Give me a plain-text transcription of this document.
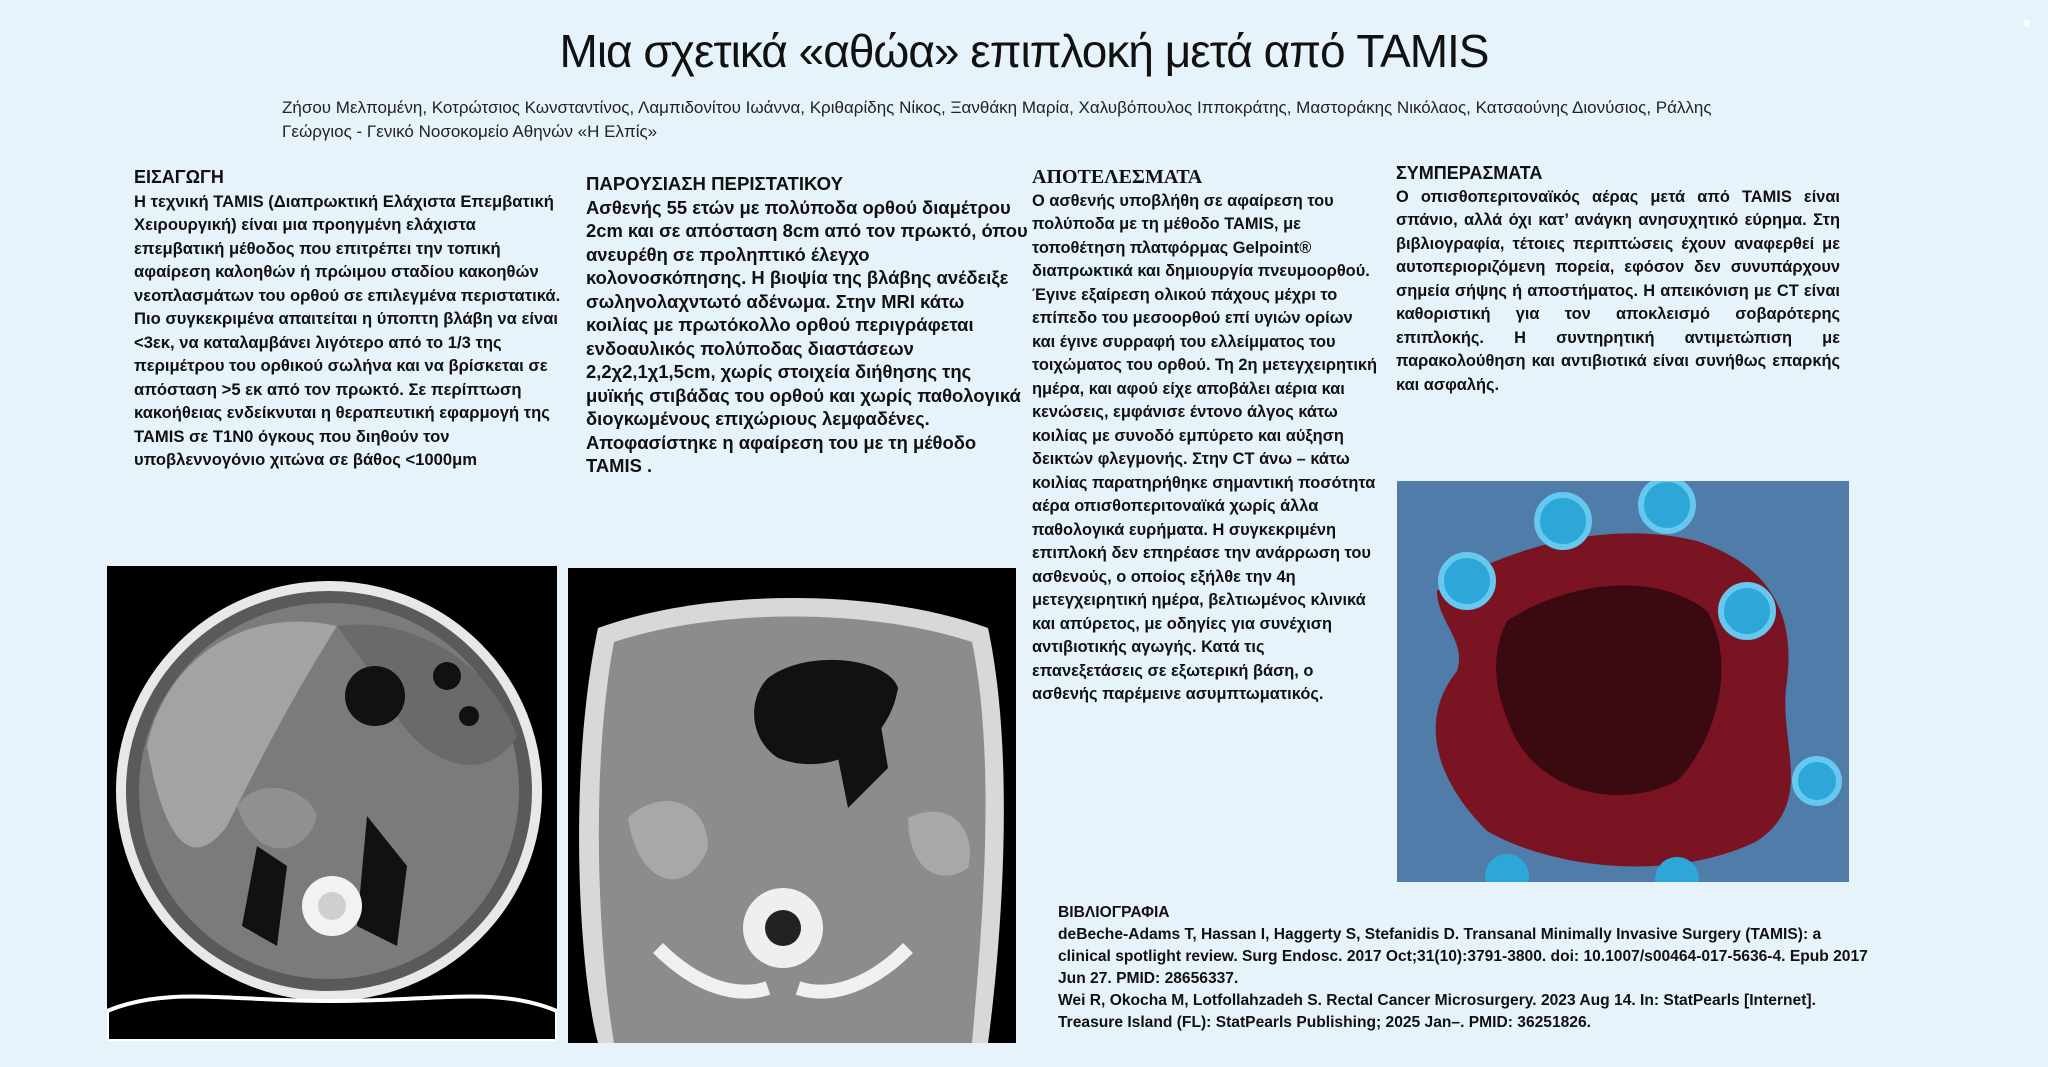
Μια σχετικά «αθώα» επιπλοκή μετά από TAMIS
Ζήσου Μελπομένη, Κοτρώτσιος Κωνσταντίνος, Λαμπιδονίτου Ιωάννα, Κριθαρίδης Νίκος, Ξανθάκη Μαρία, Χαλυβόπουλος Ιπποκράτης, Μαστοράκης Νικόλαος, Κατσαούνης Διονύσιος, Ράλλης
Γεώργιος - Γενικό Νοσοκομείο Αθηνών «Η Ελπίς»
ΕΙΣΑΓΩΓΗ

Η τεχνική TAMIS (Διαπρωκτική Ελάχιστα Επεμβατική Χειρουργική) είναι μια προηγμένη ελάχιστα επεμβατική μέθοδος που επιτρέπει την τοπική αφαίρεση καλοηθών ή πρώιμου σταδίου κακοηθών νεοπλασμάτων του ορθού σε επιλεγμένα περιστατικά. Πιο συγκεκριμένα απαιτείται η ύποπτη βλάβη να είναι <3εκ, να καταλαμβάνει λιγότερο από το 1/3 της περιμέτρου του ορθικού σωλήνα και να βρίσκεται σε απόσταση >5 εκ από τον πρωκτό. Σε περίπτωση κακοήθειας ενδείκνυται η θεραπευτική εφαρμογή της TAMIS σε T1N0 όγκους που διηθούν τον υποβλεννογόνιο χιτώνα σε βάθος <1000μm

ΠΑΡΟΥΣΙΑΣΗ ΠΕΡΙΣΤΑΤΙΚΟΥ

Ασθενής 55 ετών με πολύποδα ορθού διαμέτρου 2cm και σε απόσταση 8cm από τον πρωκτό, όπου ανευρέθη σε προληπτικό έλεγχο κολονοσκόπησης. Η βιοψία της βλάβης ανέδειξε σωληνολαχντωτό αδένωμα. Στην MRI κάτω κοιλίας με πρωτόκολλο ορθού περιγράφεται ενδοαυλικός πολύποδας διαστάσεων 2,2χ2,1χ1,5cm, χωρίς στοιχεία διήθησης της μυϊκής στιβάδας του ορθού και χωρίς παθολογικά διογκωμένους επιχώριους λεμφαδένες. Αποφασίστηκε η αφαίρεση του με τη μέθοδο TAMIS .

ΑΠΟΤΕΛΕΣΜΑΤΑ

Ο ασθενής υποβλήθη σε αφαίρεση του πολύποδα με τη μέθοδο TAMIS, με τοποθέτηση πλατφόρμας Gelpoint® διαπρωκτικά και δημιουργία πνευμοορθού. Έγινε εξαίρεση ολικού πάχους μέχρι το επίπεδο του μεσοορθού επί υγιών ορίων και έγινε συρραφή του ελλείμματος του τοιχώματος του ορθού. Τη 2η μετεγχειρητική ημέρα, και αφού είχε αποβάλει αέρια και κενώσεις, εμφάνισε έντονο άλγος κάτω κοιλίας με συνοδό εμπύρετο και αύξηση δεικτών φλεγμονής. Στην CT άνω – κάτω κοιλίας παρατηρήθηκε σημαντική ποσότητα αέρα οπισθοπεριτοναϊκά χωρίς άλλα παθολογικά ευρήματα. Η συγκεκριμένη επιπλοκή δεν επηρέασε την ανάρρωση του ασθενούς, ο οποίος εξήλθε την 4η μετεγχειρητική ημέρα, βελτιωμένος κλινικά και απύρετος, με οδηγίες για συνέχιση αντιβιοτικής αγωγής. Κατά τις επανεξετάσεις σε εξωτερική βάση, ο ασθενής παρέμεινε ασυμπτωματικός.

ΣΥΜΠΕΡΑΣΜΑΤΑ

Ο οπισθοπεριτοναϊκός αέρας μετά από TAMIS είναι σπάνιο, αλλά όχι κατ’ ανάγκη ανησυχητικό εύρημα. Στη βιβλιογραφία, τέτοιες περιπτώσεις έχουν αναφερθεί με αυτοπεριοριζόμενη πορεία, εφόσον δεν συνυπάρχουν σημεία σήψης ή αποστήματος. Η απεικόνιση με CT είναι καθοριστική για τον αποκλεισμό σοβαρότερης επιπλοκής. Η συντηρητική αντιμετώπιση με παρακολούθηση και αντιβιοτικά είναι συνήθως επαρκής και ασφαλής.

ΒΙΒΛΙΟΓΡΑΦΙΑ

deBeche-Adams T, Hassan I, Haggerty S, Stefanidis D. Transanal Minimally Invasive Surgery (TAMIS): a clinical spotlight review. Surg Endosc. 2017 Oct;31(10):3791-3800. doi: 10.1007/s00464-017-5636-4. Epub 2017 Jun 27. PMID: 28656337.

Wei R, Okocha M, Lotfollahzadeh S. Rectal Cancer Microsurgery. 2023 Aug 14. In: StatPearls [Internet]. Treasure Island (FL): StatPearls Publishing; 2025 Jan–. PMID: 36251826.
